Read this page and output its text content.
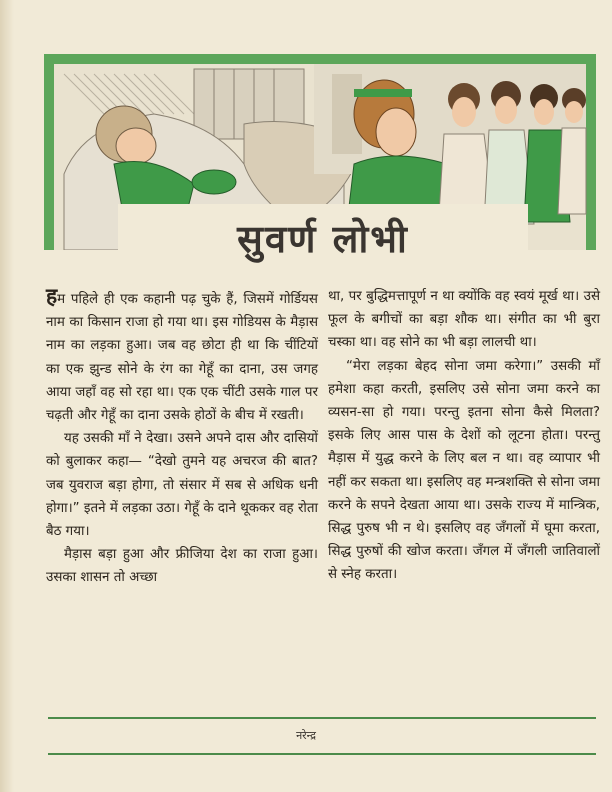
सुवर्ण लोभी

हम पहिले ही एक कहानी पढ़ चुके हैं, जिसमें गोर्डियस नाम का किसान राजा हो गया था। इस गोडियस के मैड़ास नाम का लड़का हुआ। जब वह छोटा ही था कि चींटियों का एक झुन्ड सोने के रंग का गेहूँ का दाना, उस जगह आया जहाँ वह सो रहा था। एक एक चींटी उसके गाल पर चढ़ती और गेहूँ का दाना उसके होठों के बीच में रखती।

यह उसकी माँ ने देखा। उसने अपने दास और दासियों को बुलाकर कहा— “देखो तुमने यह अचरज की बात? जब युवराज बड़ा होगा, तो संसार में सब से अधिक धनी होगा।” इतने में लड़का उठा। गेहूँ के दाने थूककर वह रोता बैठ गया।

मैड़ास बड़ा हुआ और फ्रीजिया देश का राजा हुआ। उसका शासन तो अच्छा

था, पर बुद्धिमत्तापूर्ण न था क्योंकि वह स्वयं मूर्ख था। उसे फूल के बगीचों का बड़ा शौक था। संगीत का भी बुरा चस्का था। वह सोने का भी बड़ा लालची था।

“मेरा लड़का बेहद सोना जमा करेगा।” उसकी माँ हमेशा कहा करती, इसलिए उसे सोना जमा करने का व्यसन-सा हो गया। परन्तु इतना सोना कैसे मिलता? इसके लिए आस पास के देशों को लूटना होता। परन्तु मैड़ास में युद्ध करने के लिए बल न था। वह व्यापार भी नहीं कर सकता था। इसलिए वह मन्त्रशक्ति से सोना जमा करने के सपने देखता आया था। उसके राज्य में मान्त्रिक, सिद्ध पुरुष भी न थे। इसलिए वह जँगलों में घूमा करता, सिद्ध पुरुषों की खोज करता। जँगल में जँगली जातिवालों से स्नेह करता।

नरेन्द्र
